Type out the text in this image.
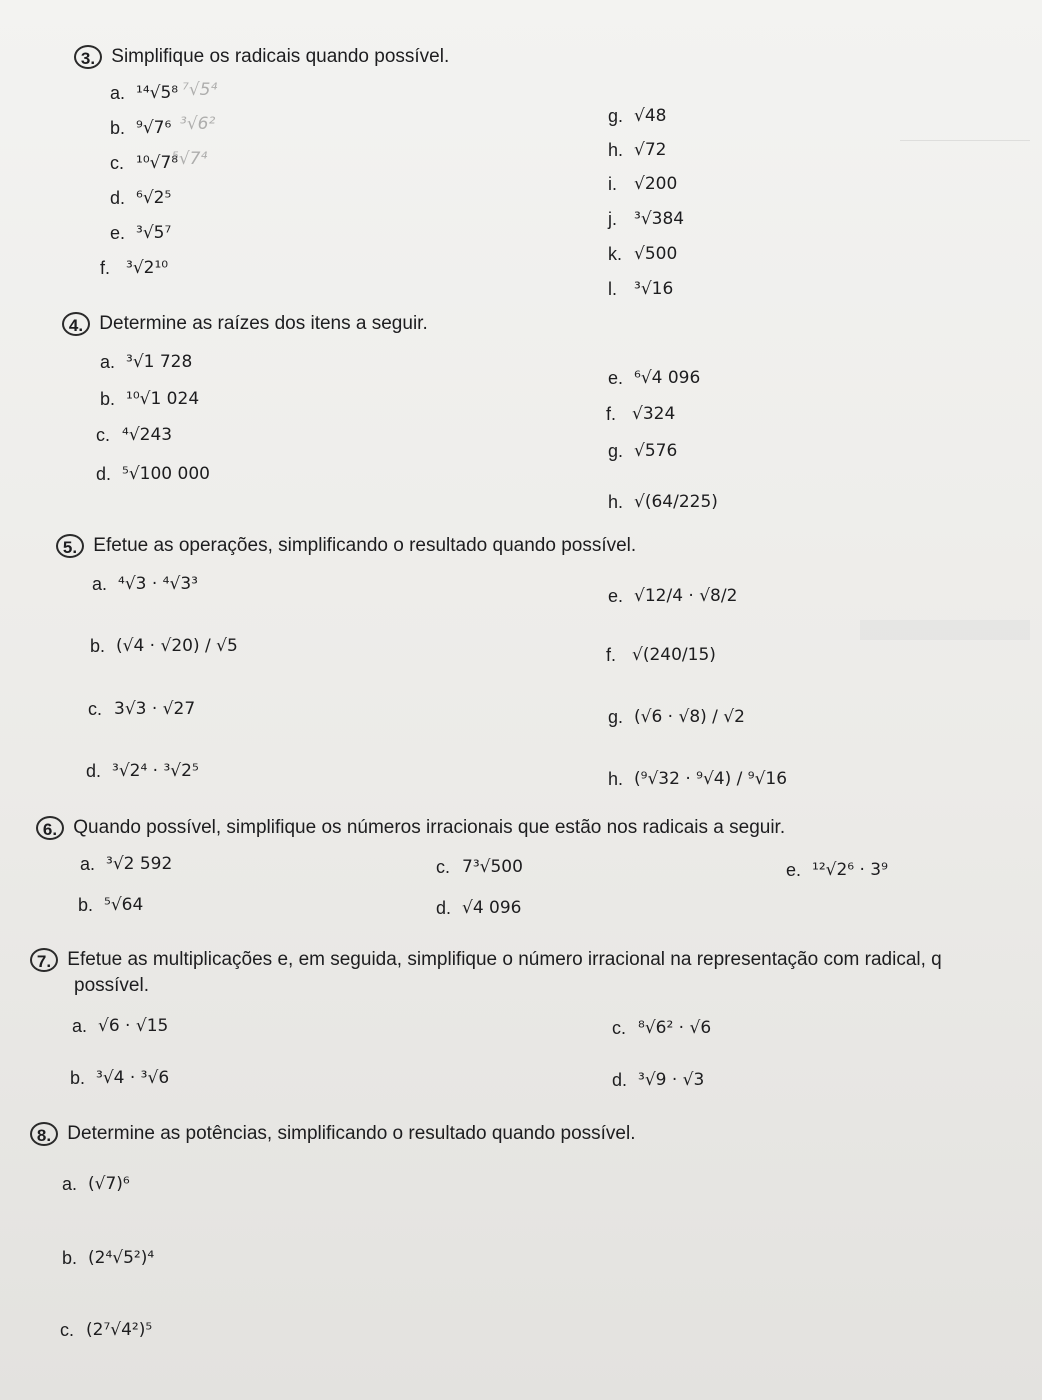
3. Simplifique os radicais quando possível.
a. ¹⁴√5⁸
b. ⁹√7⁶
c. ¹⁰√7⁸
d. ⁶√2⁵
e. ³√5⁷
f. ³√2¹⁰
g. √48
h. √72
i.	√200
j.	³√384
k. √500
l.	³√16
⁷√5⁴
³√6²
⁵√7⁴
4. Determine as raízes dos itens a seguir.
a. ³√1 728
b. ¹⁰√1 024
c. ⁴√243
d. ⁵√100 000
e. ⁶√4 096
f. √324
g. √576
h. √(64/225)
5. Efetue as operações, simplificando o resultado quando possível.
a. ⁴√3 · ⁴√3³
b. (√4 · √20) / √5
c. 3√3 · √27
d. ³√2⁴ · ³√2⁵
e. √12/4 · √8/2
f. √(240/15)
g. (√6 · √8) / √2
h. (⁹√32 · ⁹√4) / ⁹√16
6. Quando possível, simplifique os números irracionais que estão nos radicais a seguir.
a. ³√2 592
b. ⁵√64
c. 7³√500
d. √4 096
e. ¹²√2⁶ · 3⁹
7. Efetue as multiplicações e, em seguida, simplifique o número irracional na representação com radical, q
possível.
a. √6 · √15
b. ³√4 · ³√6
c. ⁸√6² · √6
d. ³√9 · √3
8. Determine as potências, simplificando o resultado quando possível.
a. (√7)⁶
b. (2⁴√5²)⁴
c. (2⁷√4²)⁵
